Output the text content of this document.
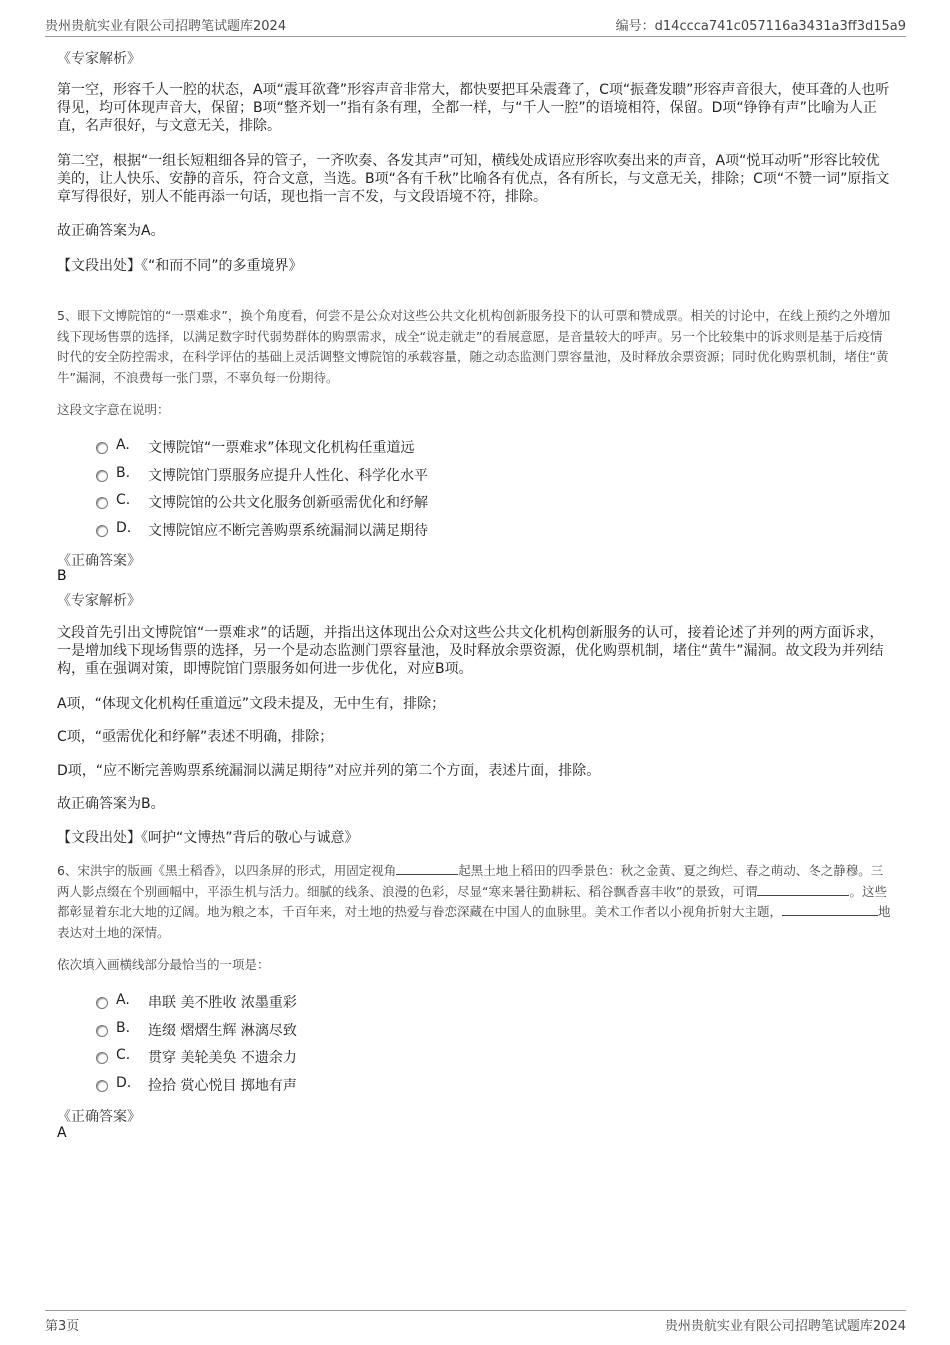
贵州贵航实业有限公司招聘笔试题库2024	编号：d14ccca741c057116a3431a3ff3d15a9
《专家解析》
第一空，形容千人一腔的状态，A项“震耳欲聋”形容声音非常大，都快要把耳朵震聋了，C项“振聋发聩”形容声音很大，使耳聋的人也听得见，均可体现声音大，保留；B项“整齐划一”指有条有理，全都一样，与“千人一腔”的语境相符，保留。D项“铮铮有声”比喻为人正直，名声很好，与文意无关，排除。
第二空，根据“一组长短粗细各异的管子，一齐吹奏、各发其声”可知，横线处成语应形容吹奏出来的声音，A项“悦耳动听”形容比较优美的，让人快乐、安静的音乐，符合文意，当选。B项“各有千秋”比喻各有优点，各有所长，与文意无关，排除；C项“不赞一词”原指文章写得很好，别人不能再添一句话，现也指一言不发，与文段语境不符，排除。
故正确答案为A。
【文段出处】《“和而不同”的多重境界》
5、眼下文博院馆的“一票难求”，换个角度看，何尝不是公众对这些公共文化机构创新服务投下的认可票和赞成票。相关的讨论中，在线上预约之外增加线下现场售票的选择，以满足数字时代弱势群体的购票需求，成全“说走就走”的看展意愿，是音量较大的呼声。另一个比较集中的诉求则是基于后疫情时代的安全防控需求，在科学评估的基础上灵活调整文博院馆的承载容量，随之动态监测门票容量池，及时释放余票资源；同时优化购票机制，堵住“黄牛”漏洞，不浪费每一张门票，不辜负每一份期待。
这段文字意在说明：
A. 文博院馆“一票难求”体现文化机构任重道远
B. 文博院馆门票服务应提升人性化、科学化水平
C. 文博院馆的公共文化服务创新亟需优化和纾解
D. 文博院馆应不断完善购票系统漏洞以满足期待
《正确答案》
B
《专家解析》
文段首先引出文博院馆“一票难求”的话题，并指出这体现出公众对这些公共文化机构创新服务的认可，接着论述了并列的两方面诉求，一是增加线下现场售票的选择，另一个是动态监测门票容量池，及时释放余票资源，优化购票机制，堵住“黄牛”漏洞。故文段为并列结构，重在强调对策，即博院馆门票服务如何进一步优化，对应B项。
A项，“体现文化机构任重道远”文段未提及，无中生有，排除；
C项，“亟需优化和纾解”表述不明确，排除；
D项，“应不断完善购票系统漏洞以满足期待”对应并列的第二个方面，表述片面，排除。
故正确答案为B。
【文段出处】《呵护“文博热”背后的敬心与诚意》
6、宋洪宇的版画《黑土稻香》，以四条屏的形式，用固定视角	起黑土地上稻田的四季景色：秋之金黄、夏之绚烂、春之萌动、冬之静穆。三两人影点缀在个别画幅中，平添生机与活力。细腻的线条、浪漫的色彩，尽显“寒来暑往勤耕耘、稻谷飘香喜丰收”的景致，可谓	。这些都彰显着东北大地的辽阔。地为粮之本，千百年来，对土地的热爱与眷恋深藏在中国人的血脉里。美术工作者以小视角折射大主题，	地表达对土地的深情。
依次填入画横线部分最恰当的一项是：
A. 串联 美不胜收 浓墨重彩
B. 连缀 熠熠生辉 淋漓尽致
C. 贯穿 美轮美奂 不遗余力
D. 捡拾 赏心悦目 掷地有声
《正确答案》
A
第3页	贵州贵航实业有限公司招聘笔试题库2024
